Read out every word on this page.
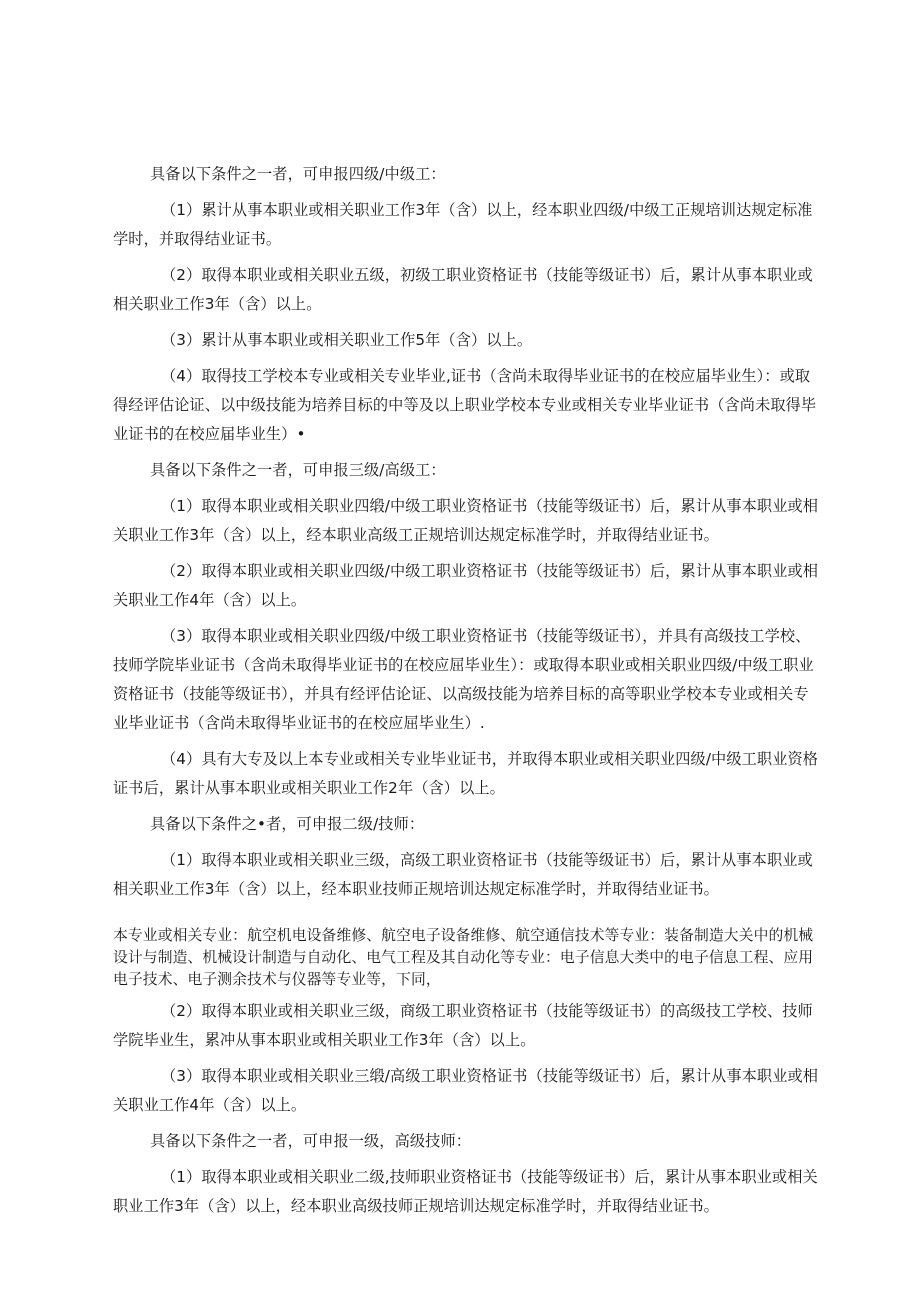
具备以下条件之一者，可申报四级/中级工：

（1）累计从事本职业或相关职业工作3年（含）以上，经本职业四级/中级工正规培训达规定标准学时，并取得结业证书。

（2）取得本职业或相关职业五级，初级工职业资格证书（技能等级证书）后，累计从事本职业或相关职业工作3年（含）以上。

（3）累计从事本职业或相关职业工作5年（含）以上。

（4）取得技工学校本专业或相关专业毕业,证书（含尚未取得毕业证书的在校应届毕业生）：或取得经评估论证、以中级技能为培养目标的中等及以上职业学校本专业或相关专业毕业证书（含尚未取得毕业证书的在校应届毕业生）•

具备以下条件之一者，可申报三级/高级工：

（1）取得本职业或相关职业四缎/中级工职业资格证书（技能等级证书）后，累计从事本职业或相关职业工作3年（含）以上，经本职业高级工正规培训达规定标准学时，并取得结业证书。

（2）取得本职业或相关职业四级/中级工职业资格证书（技能等级证书）后，累计从事本职业或相关职业工作4年（含）以上。

（3）取得本职业或相关职业四级/中级工职业资格证书（技能等级证书），并具有高级技工学校、技师学院毕业证书（含尚未取得毕业证书的在校应屈毕业生）：或取得本职业或相关职业四级/中级工职业资格证书（技能等级证书），并具有经评估论证、以高级技能为培养目标的高等职业学校本专业或相关专业毕业证书（含尚未取得毕业证书的在校应屈毕业生）.

（4）具有大专及以上本专业或相关专业毕业证书，并取得本职业或相关职业四级/中级工职业资格证书后，累计从事本职业或相关职业工作2年（含）以上。

具备以下条件之•者，可申报二级/技师：

（1）取得本职业或相关职业三级，高级工职业资格证书（技能等级证书）后，累计从事本职业或相关职业工作3年（含）以上，经本职业技师正规培训达规定标准学时，并取得结业证书。

本专业或相关专业：航空机电设备维修、航空电子设备维修、航空通信技术等专业：装备制造大关中的机械设计与制造、机械设计制造与自动化、电气工程及其自动化等专业：电子信息大类中的电子信息工程、应用电子技术、电子测余技术与仪器等专业等，下同，

（2）取得本职业或相关职业三级，商级工职业资格证书（技能等级证书）的高级技工学校、技师学院毕业生，累冲从事本职业或相关职业工作3年（含）以上。

（3）取得本职业或相关职业三缎/高级工职业资格证书（技能等级证书）后，累计从事本职业或相关职业工作4年（含）以上。

具备以下条件之一者，可申报一级，高级技师：

（1）取得本职业或相关职业二级,技师职业资格证书（技能等级证书）后，累计从事本职业或相关职业工作3年（含）以上，经本职业高级技师正规培训达规定标准学时，并取得结业证书。
